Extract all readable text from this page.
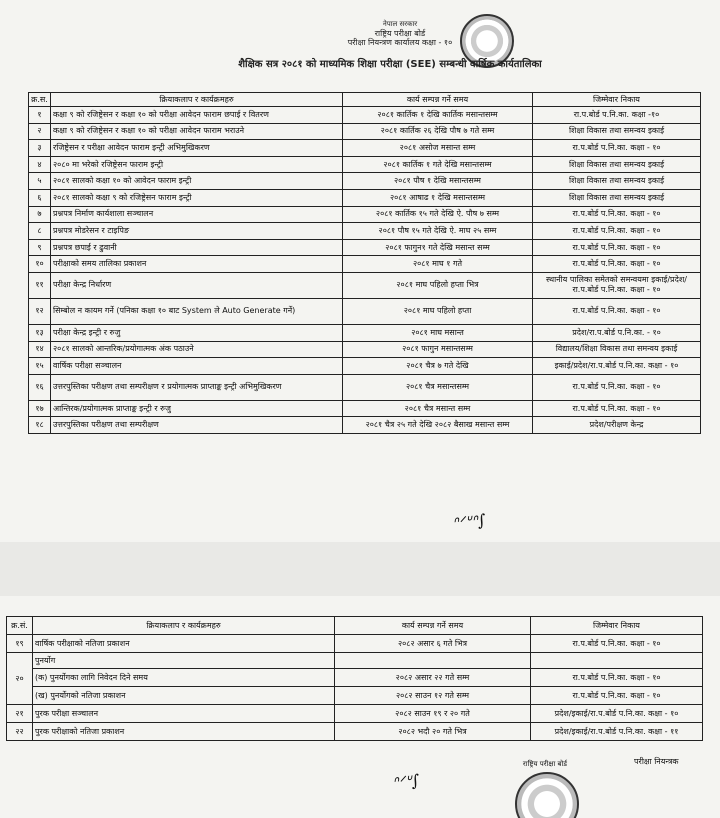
नेपाल सरकार
राष्ट्रिय परीक्षा बोर्ड
परीक्षा नियन्त्रण कार्यालय कक्षा - १०
शैक्षिक सत्र २०८१ को माध्यमिक शिक्षा परीक्षा (SEE) सम्बन्धी वार्षिक कार्यतालिका
क्र.स.	क्रियाकलाप र कार्यक्रमहरु	कार्य सम्पन्न गर्ने समय	जिम्मेवार निकाय
१	कक्षा ९ को रजिष्ट्रेसन र कक्षा १० को परीक्षा आवेदन फाराम छपाई र वितरण	२०८१ कार्तिक १ देखि कार्तिक मसान्तसम्म	रा.प.बोर्ड प.नि.का. कक्षा -१०
२	कक्षा ९ को रजिष्ट्रेसन र कक्षा १० को परीक्षा आवेदन फाराम भराउने	२०८१ कार्तिक २६ देखि पौष ७ गते सम्म	शिक्षा विकास तथा समन्वय इकाई
३	रजिष्ट्रेसन र परीक्षा आवेदन फाराम इन्ट्री अभिमुखिकरण	२०८१ असोज मसान्त सम्म	रा.प.बोर्ड प.नि.का. कक्षा - १०
४	२०८० मा भरेको रजिष्ट्रेसन फाराम इन्ट्री	२०८१ कार्तिक १ गते देखि मसान्तसम्म	शिक्षा विकास तथा समन्वय इकाई
५	२०८१ सालको कक्षा १० को आवेदन फाराम इन्ट्री	२०८१ पौष १ देखि मसान्तसम्म	शिक्षा विकास तथा समन्वय इकाई
६	२०८१ सालको कक्षा ९ को रजिष्ट्रेसन फाराम इन्ट्री	२०८१ आषाढ १ देखि मसान्तसम्म	शिक्षा विकास तथा समन्वय इकाई
७	प्रश्नपत्र निर्माण कार्यशाला सञ्चालन	२०८१ कार्तिक १५ गते देखि ऐ. पौष ७ सम्म	रा.प.बोर्ड प.नि.का. कक्षा - १०
८	प्रश्नपत्र मोडरेसन र टाइपिङ	२०८१ पौष १५ गते देखि ऐ. माघ २५ सम्म	रा.प.बोर्ड प.नि.का. कक्षा - १०
९	प्रश्नपत्र छपाई र ढुवानी	२०८१ फागुन१ गते देखि मसान्त सम्म	रा.प.बोर्ड प.नि.का. कक्षा - १०
१०	परीक्षाको समय तालिका प्रकाशन	२०८१ माघ १ गते	रा.प.बोर्ड प.नि.का. कक्षा - १०
११	परीक्षा केन्द्र निर्धारण	२०८१ माघ पहिलो हप्ता भित्र	स्थानीय पालिका समेतको समन्वयमा इकाई/प्रदेश/रा.प.बोर्ड प.नि.का. कक्षा - १०
१२	सिम्बोल न कायम गर्ने (पनिका कक्षा १० बाट System ले Auto Generate गर्ने)	२०८१ माघ पहिलो हप्ता	रा.प.बोर्ड प.नि.का. कक्षा - १०
१३	परीक्षा केन्द्र इन्ट्री र रुजु	२०८१ माघ मसान्त	प्रदेश/रा.प.बोर्ड प.नि.का. - १०
१४	२०८१ सालको आन्तरिक/प्रयोगात्मक अंक पठाउने	२०८१ फागुन मसान्तसम्म	विद्यालय/शिक्षा विकास तथा समन्वय इकाई
१५	वार्षिक परीक्षा सञ्चालन	२०८१ चैत्र ७ गते देखि	इकाई/प्रदेश/रा.प.बोर्ड प.नि.का. कक्षा - १०
१६	उत्तरपुस्तिका परीक्षण तथा सम्परीक्षण र प्रयोगात्मक प्राप्ताङ्क इन्ट्री अभिमुखिकरण	२०८१ चैत्र मसान्तसम्म	रा.प.बोर्ड प.नि.का. कक्षा - १०
१७	आन्तिरक/प्रयोगात्मक प्राप्ताङ्क इन्ट्री र रुजु	२०८१ चैत्र मसान्त सम्म	रा.प.बोर्ड प.नि.का. कक्षा - १०
१८	उत्तरपुस्तिका परीक्षण तथा सम्परीक्षण	२०८१ चैत्र २५ गते देखि २०८२ बैसाख मसान्त सम्म	प्रदेश/परीक्षण केन्द्र
ᐢᐟᐡᐢ∫
क्र.सं.	क्रियाकलाप र कार्यक्रमहरु	कार्य सम्पन्न गर्ने समय	जिम्मेवार निकाय
१९	वार्षिक परीक्षाको नतिजा प्रकाशन	२०८२ असार ६ गते भित्र	रा.प.बोर्ड प.नि.का. कक्षा - १०
२०	पुनर्योग		
	(क) पुनर्योगका लागि निवेदन दिने समय	२०८२ असार २२ गते सम्म	रा.प.बोर्ड प.नि.का. कक्षा - १०
	(ख) पुनर्योगको नतिजा प्रकाशन	२०८२ साउन १२ गते सम्म	रा.प.बोर्ड प.नि.का. कक्षा - १०
२१	पुरक परीक्षा सञ्चालन	२०८२ साउन १९ र २० गते	प्रदेश/इकाई/रा.प.बोर्ड प.नि.का. कक्षा - १०
२२	पुरक परीक्षाको नतिजा प्रकाशन	२०८२ भदौ २० गते भित्र	प्रदेश/इकाई/रा.प.बोर्ड प.नि.का. कक्षा - ११
परीक्षा नियन्त्रक
ᐢᐟᐡ∫
राष्ट्रिय परीक्षा बोर्ड
